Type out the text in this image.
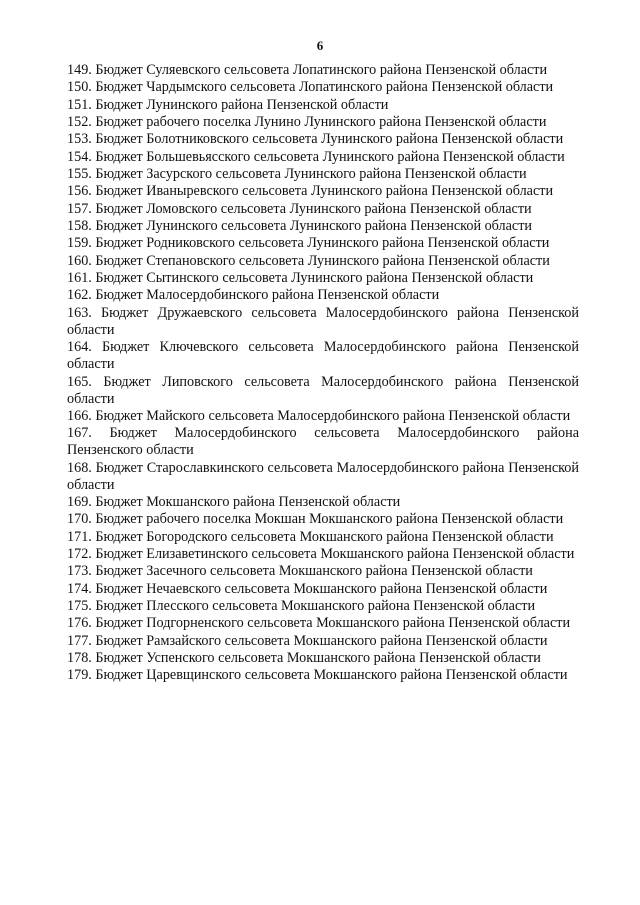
6
149. Бюджет Суляевского сельсовета Лопатинского района Пензенской области
150. Бюджет Чардымского сельсовета Лопатинского района Пензенской области
151. Бюджет Лунинского района Пензенской области
152. Бюджет рабочего поселка Лунино Лунинского района Пензенской области
153. Бюджет Болотниковского сельсовета Лунинского района Пензенской области
154. Бюджет Большевьясского сельсовета Лунинского района Пензенской области
155. Бюджет Засурского сельсовета Лунинского района Пензенской области
156. Бюджет Иваныревского сельсовета Лунинского района Пензенской области
157. Бюджет Ломовского сельсовета Лунинского района Пензенской области
158. Бюджет Лунинского сельсовета Лунинского района Пензенской области
159. Бюджет Родниковского сельсовета Лунинского района Пензенской области
160. Бюджет Степановского сельсовета Лунинского района Пензенской области
161. Бюджет Сытинского сельсовета Лунинского района Пензенской области
162. Бюджет Малосердобинского района Пензенской области
163. Бюджет Дружаевского сельсовета Малосердобинского района Пензенской области
164. Бюджет Ключевского сельсовета Малосердобинского района Пензенской области
165. Бюджет Липовского сельсовета Малосердобинского района Пензенской области
166. Бюджет Майского сельсовета Малосердобинского района Пензенской области
167. Бюджет Малосердобинского сельсовета Малосердобинского района Пензенского области
168. Бюджет Старославкинского сельсовета Малосердобинского района Пензенской области
169. Бюджет Мокшанского района Пензенской области
170. Бюджет рабочего поселка Мокшан Мокшанского района Пензенской области
171. Бюджет Богородского сельсовета Мокшанского района Пензенской области
172. Бюджет Елизаветинского сельсовета Мокшанского района Пензенской области
173. Бюджет Засечного сельсовета Мокшанского района Пензенской области
174. Бюджет Нечаевского сельсовета Мокшанского района Пензенской области
175. Бюджет Плесского сельсовета Мокшанского района Пензенской области
176. Бюджет Подгорненского сельсовета Мокшанского района Пензенской области
177. Бюджет Рамзайского сельсовета Мокшанского района Пензенской области
178. Бюджет Успенского сельсовета Мокшанского района Пензенской области
179. Бюджет Царевщинского сельсовета Мокшанского района Пензенской области
